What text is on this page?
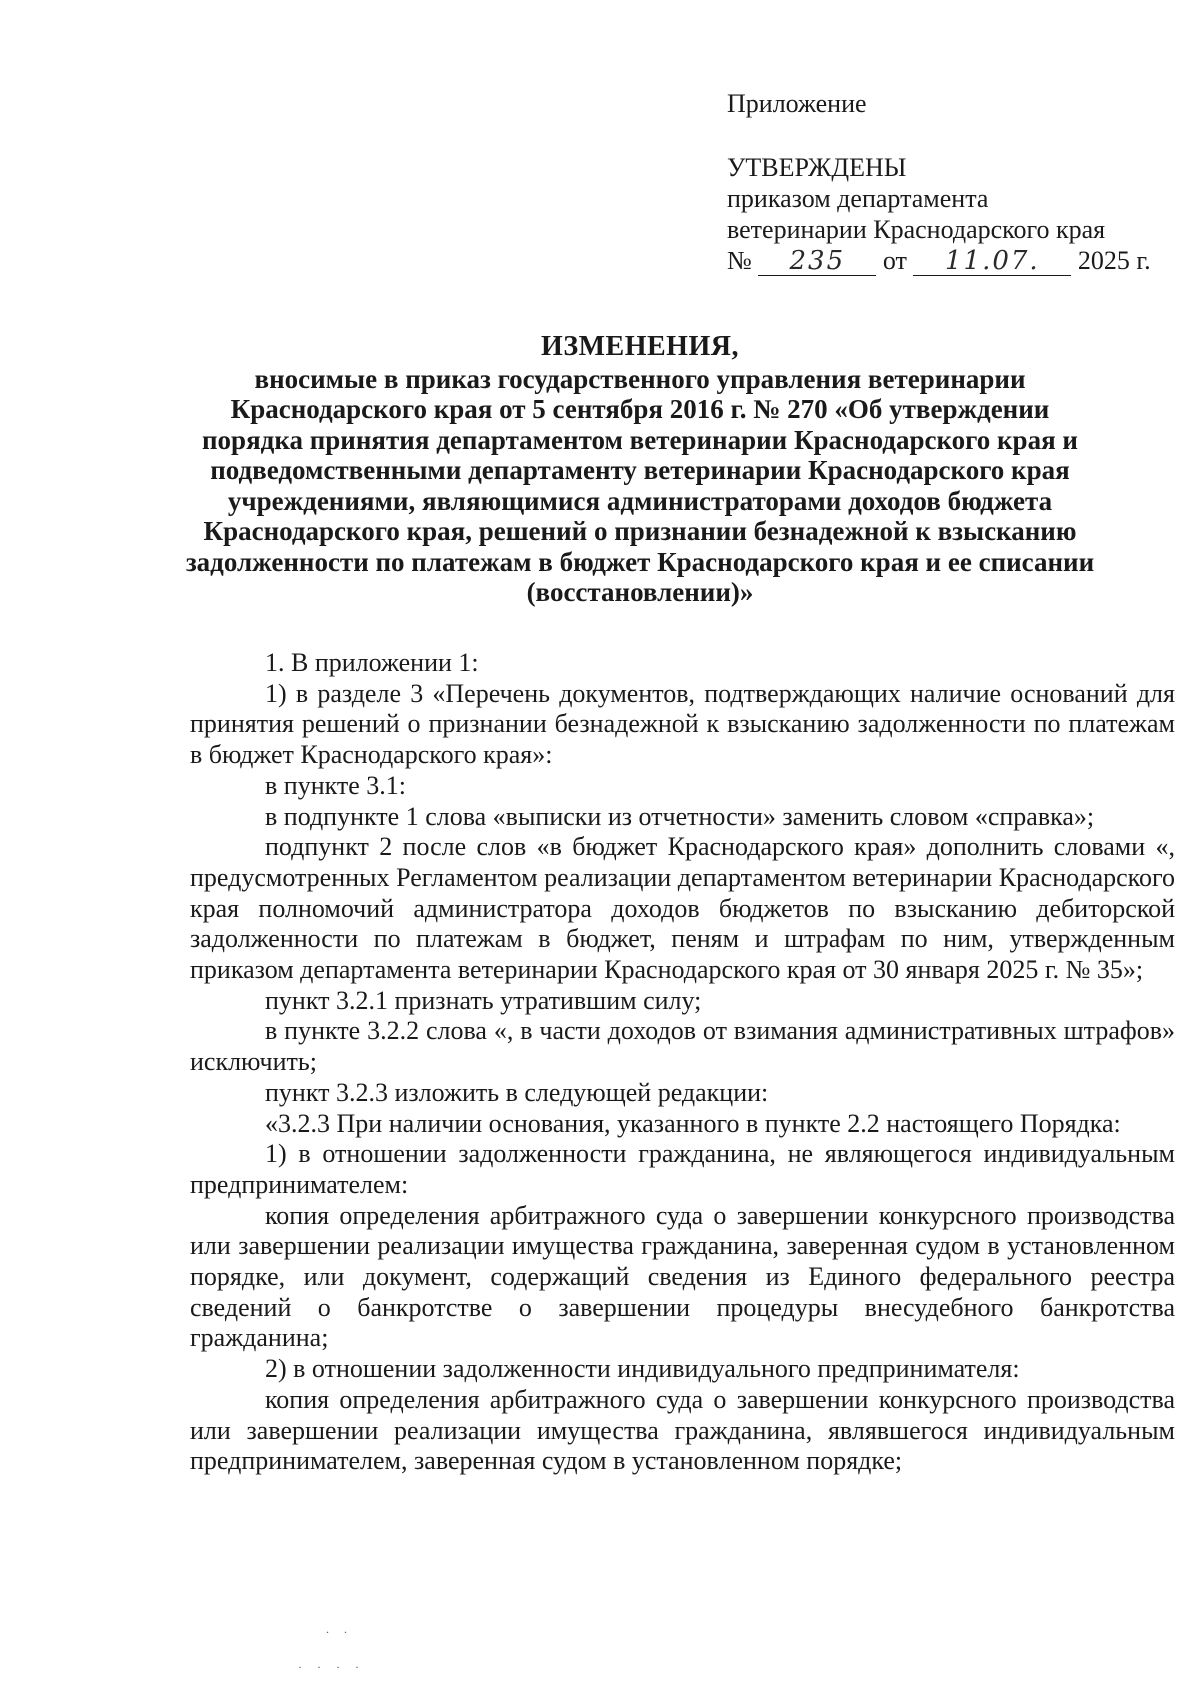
Приложение
УТВЕРЖДЕНЫ
приказом департамента
ветеринарии Краснодарского края
№ 235 от 11.07. 2025 г.
ИЗМЕНЕНИЯ,
вносимые в приказ государственного управления ветеринарии
Краснодарского края от 5 сентября 2016 г. № 270 «Об утверждении
порядка принятия департаментом ветеринарии Краснодарского края и
подведомственными департаменту ветеринарии Краснодарского края
учреждениями, являющимися администраторами доходов бюджета
Краснодарского края, решений о признании безнадежной к взысканию
задолженности по платежам в бюджет Краснодарского края и ее списании
(восстановлении)»

1. В приложении 1:

1) в разделе 3 «Перечень документов, подтверждающих наличие оснований для принятия решений о признании безнадежной к взысканию задолженности по платежам в бюджет Краснодарского края»:

в пункте 3.1:

в подпункте 1 слова «выписки из отчетности» заменить словом «справка»;

подпункт 2 после слов «в бюджет Краснодарского края» дополнить словами «, предусмотренных Регламентом реализации департаментом ветеринарии Краснодарского края полномочий администратора доходов бюджетов по взысканию дебиторской задолженности по платежам в бюджет, пеням и штрафам по ним, утвержденным приказом департамента ветеринарии Краснодарского края от 30 января 2025 г. № 35»;

пункт 3.2.1 признать утратившим силу;

в пункте 3.2.2 слова «, в части доходов от взимания административных штрафов» исключить;

пункт 3.2.3 изложить в следующей редакции:

«3.2.3 При наличии основания, указанного в пункте 2.2 настоящего Порядка:

1) в отношении задолженности гражданина, не являющегося индивидуальным предпринимателем:

копия определения арбитражного суда о завершении конкурсного производства или завершении реализации имущества гражданина, заверенная судом в установленном порядке, или документ, содержащий сведения из Единого федерального реестра сведений о банкротстве о завершении процедуры внесудебного банкротства гражданина;

2) в отношении задолженности индивидуального предпринимателя:

копия определения арбитражного суда о завершении конкурсного производства или завершении реализации имущества гражданина, являвшегося индивидуальным предпринимателем, заверенная судом в установленном порядке;

. .
· · · ·
